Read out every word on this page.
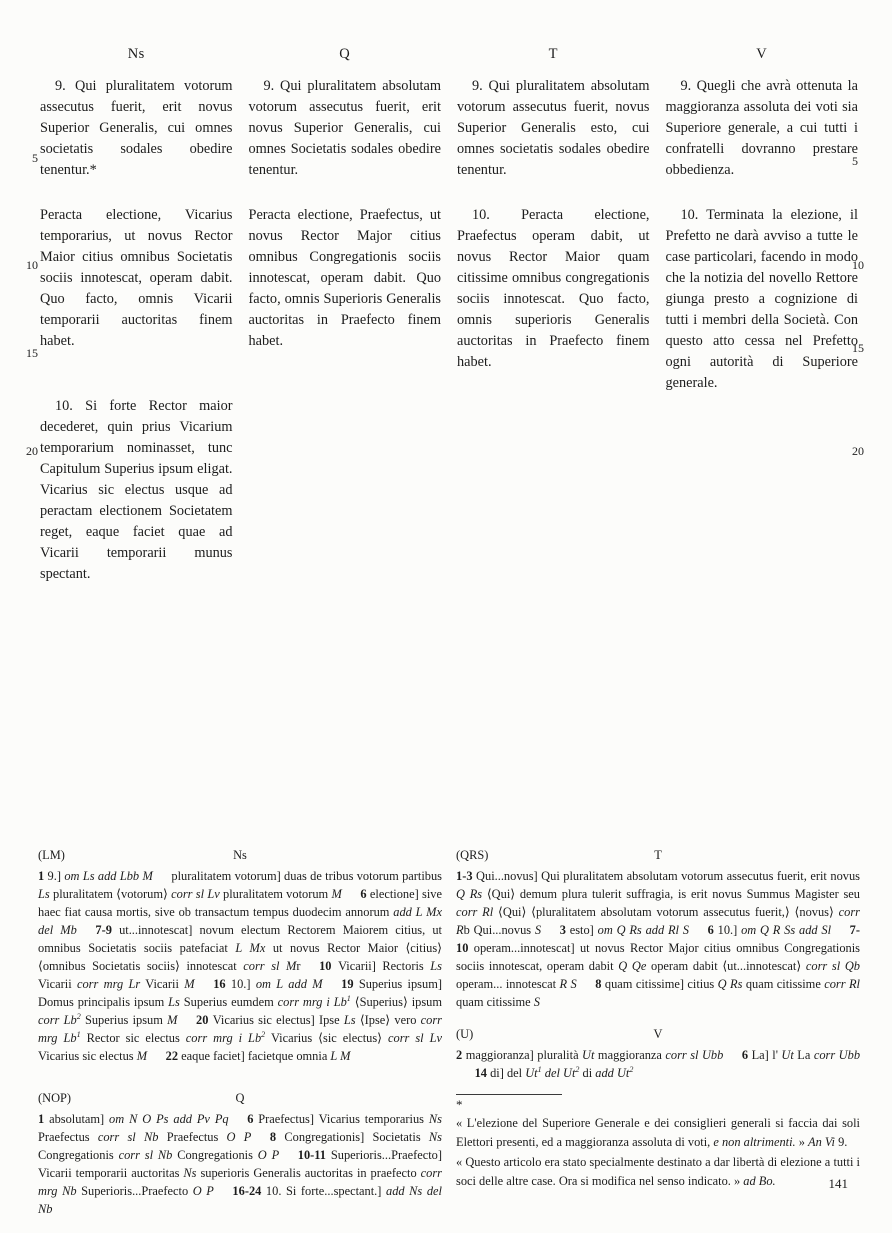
5
10
15
20
5
10
15
20
Ns

9. Qui pluralitatem votorum assecutus fuerit, erit novus Superior Generalis, cui omnes societatis sodales obedire tenentur.*

Peracta electione, Vicarius temporarius, ut novus Rector Maior citius omnibus Societatis sociis innotescat, operam dabit. Quo facto, omnis Vicarii temporarii auctoritas finem habet.

10. Si forte Rector maior decederet, quin prius Vicarium temporarium nominasset, tunc Capitulum Superius ipsum eligat. Vicarius sic electus usque ad peractam electionem Societatem reget, eaque faciet quae ad Vicarii temporarii munus spectant.

Q

9. Qui pluralitatem absolutam votorum assecutus fuerit, erit novus Superior Generalis, cui omnes Societatis sodales obedire tenentur.

Peracta electione, Praefectus, ut novus Rector Major citius omnibus Congregationis sociis innotescat, operam dabit. Quo facto, omnis Superioris Generalis auctoritas in Praefecto finem habet.

T

9. Qui pluralitatem absolutam votorum assecutus fuerit, novus Superior Generalis esto, cui omnes societatis sodales obedire tenentur.

10. Peracta electione, Praefectus operam dabit, ut novus Rector Maior quam citissime omnibus congregationis sociis innotescat. Quo facto, omnis superioris Generalis auctoritas in Praefecto finem habet.

V

9. Quegli che avrà ottenuta la maggioranza assoluta dei voti sia Superiore generale, a cui tutti i confratelli dovranno prestare obbedienza.

10. Terminata la elezione, il Prefetto ne darà avviso a tutte le case particolari, facendo in modo che la notizia del novello Rettore giunga presto a cognizione di tutti i membri della Società. Con questo atto cessa nel Prefetto ogni autorità di Superiore generale.

(LM)	Ns

1 9.] om Ls add Lbb M pluralitatem votorum] duas de tribus votorum partibus Ls pluralitatem ⟨votorum⟩ corr sl Lv pluralitatem votorum M 6 electione] sive haec fiat causa mortis, sive ob transactum tempus duodecim annorum add L Mx del Mb 7-9 ut...innotescat] novum electum Rectorem Maiorem citius, ut omnibus Societatis sociis patefaciat L Mx ut novus Rector Maior ⟨citius⟩ ⟨omnibus Societatis sociis⟩ innotescat corr sl Mr 10 Vicarii] Rectoris Ls Vicarii corr mrg Lr Vicarii M 16 10.] om L add M 19 Superius ipsum] Domus principalis ipsum Ls Superius eumdem corr mrg i Lb$^1$ ⟨Superius⟩ ipsum corr Lb$^2$ Superius ipsum M 20 Vicarius sic electus] Ipse Ls ⟨Ipse⟩ vero corr mrg Lb$^1$ Rector sic electus corr mrg i Lb$^2$ Vicarius ⟨sic electus⟩ corr sl Lv Vicarius sic electus M 22 eaque faciet] facietque omnia L M

(NOP)	Q

1 absolutam] om N O Ps add Pv Pq 6 Praefectus] Vicarius temporarius Ns Praefectus corr sl Nb Praefectus O P 8 Congregationis] Societatis Ns Congregationis corr sl Nb Congregationis O P 10-11 Superioris...Praefecto] Vicarii temporarii auctoritas Ns superioris Generalis auctoritas in praefecto corr mrg Nb Superioris...Praefecto O P 16-24 10. Si forte...spectant.] add Ns del Nb

(QRS)	T

1-3 Qui...novus] Qui pluralitatem absolutam votorum assecutus fuerit, erit novus Q Rs ⟨Qui⟩ demum plura tulerit suffragia, is erit novus Summus Magister seu corr Rl ⟨Qui⟩ ⟨pluralitatem absolutam votorum assecutus fuerit,⟩ ⟨novus⟩ corr Rb Qui...novus S 3 esto] om Q Rs add Rl S 6 10.] om Q R Ss add Sl 7-10 operam...innotescat] ut novus Rector Major citius omnibus Congregationis sociis innotescat, operam dabit Q Qe operam dabit ⟨ut...innotescat⟩ corr sl Qb operam... innotescat R S 8 quam citissime] citius Q Rs quam citissime corr Rl quam citissime S

(U)	V

2 maggioranza] pluralità Ut maggioranza corr sl Ubb 6 La] l' Ut La corr Ubb14 di] del Ut$^1$ del Ut$^2$ di add Ut$^2$

*

« L'elezione del Superiore Generale e dei consiglieri generali si faccia dai soli Elettori presenti, ed a maggioranza assoluta di voti, e non altrimenti. » An Vi 9.

« Questo articolo era stato specialmente destinato a dar libertà di elezione a tutti i soci delle altre case. Ora si modifica nel senso indicato. » ad Bo.	141
